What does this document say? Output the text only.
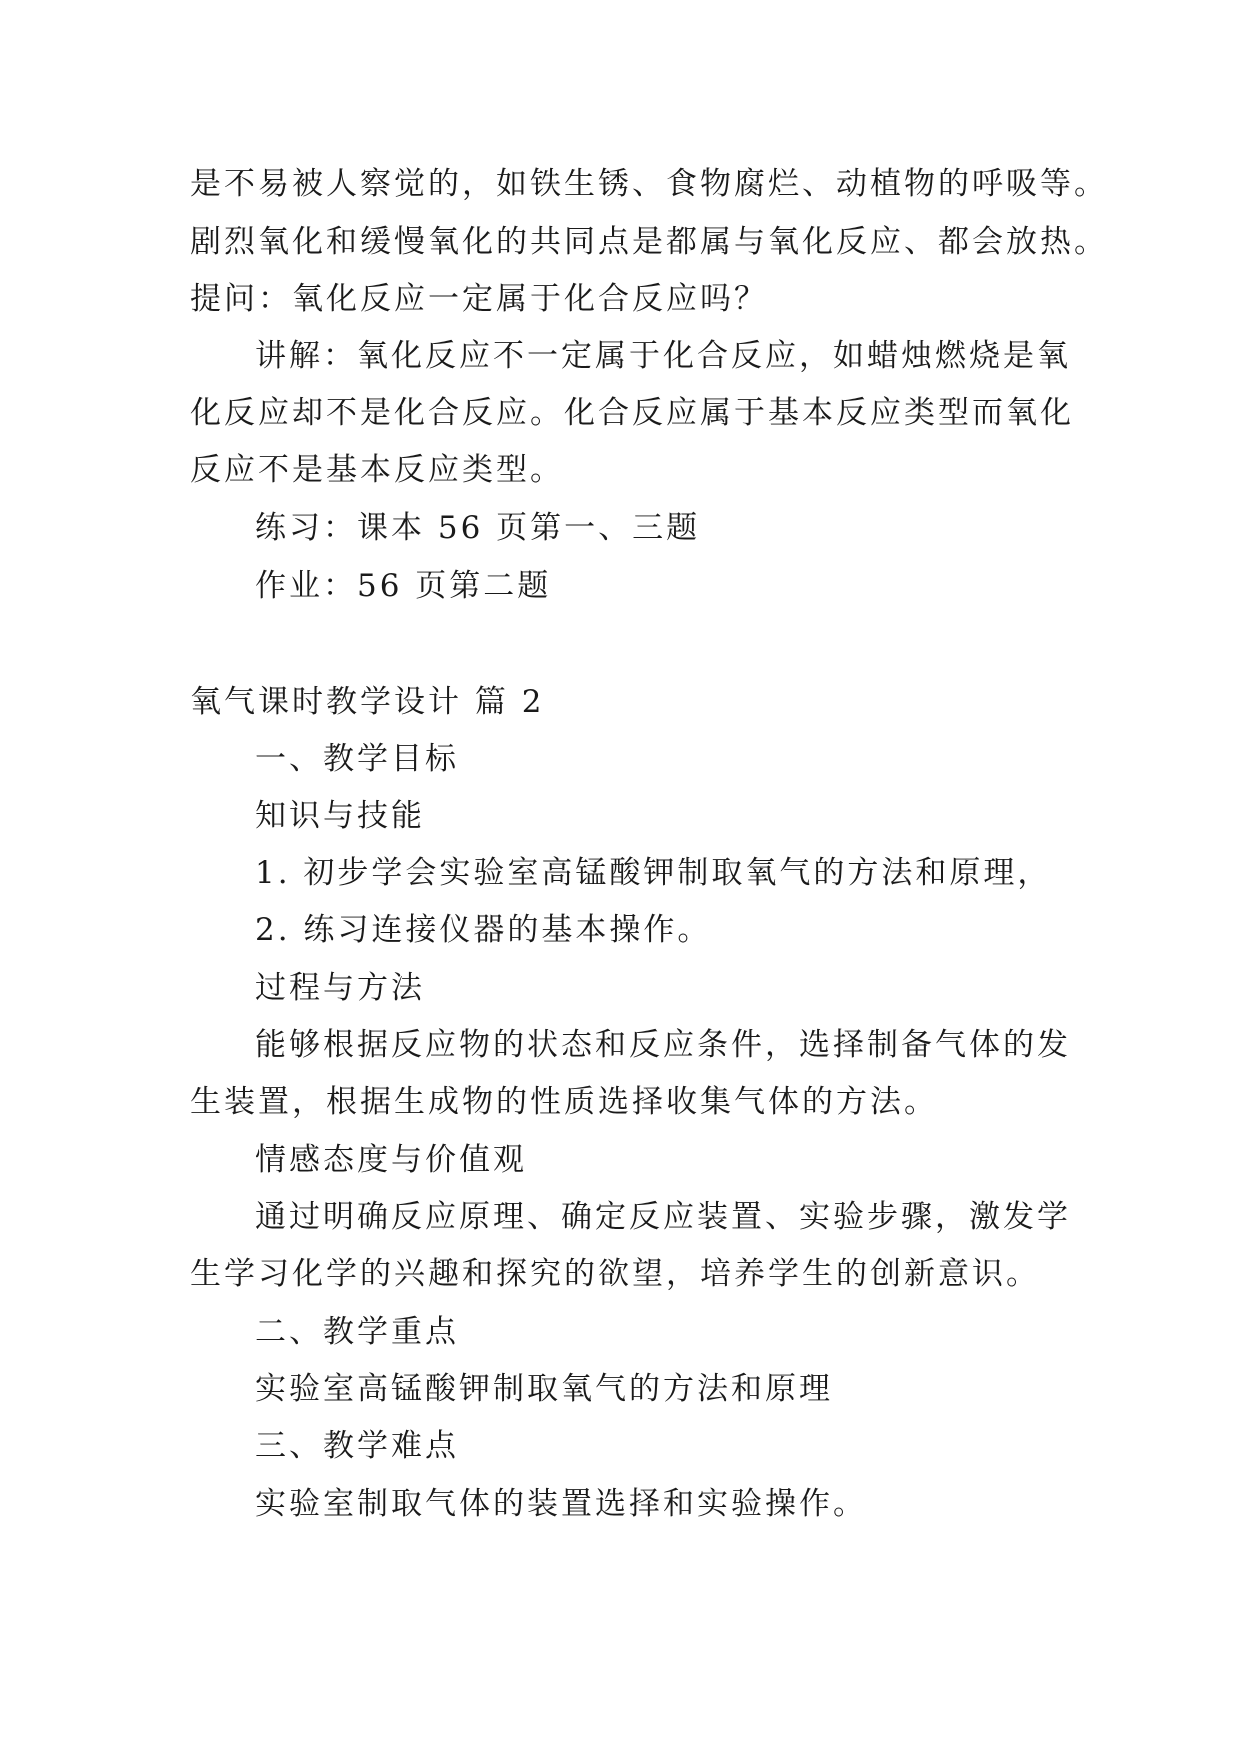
是不易被人察觉的，如铁生锈、食物腐烂、动植物的呼吸等。
剧烈氧化和缓慢氧化的共同点是都属与氧化反应、都会放热。
提问：氧化反应一定属于化合反应吗？
讲解：氧化反应不一定属于化合反应，如蜡烛燃烧是氧
化反应却不是化合反应。化合反应属于基本反应类型而氧化
反应不是基本反应类型。
练习：课本 56 页第一、三题
作业：56 页第二题
氧气课时教学设计 篇 2
一、教学目标
知识与技能
1. 初步学会实验室高锰酸钾制取氧气的方法和原理，
2. 练习连接仪器的基本操作。
过程与方法
能够根据反应物的状态和反应条件，选择制备气体的发
生装置，根据生成物的性质选择收集气体的方法。
情感态度与价值观
通过明确反应原理、确定反应装置、实验步骤，激发学
生学习化学的兴趣和探究的欲望，培养学生的创新意识。
二、教学重点
实验室高锰酸钾制取氧气的方法和原理
三、教学难点
实验室制取气体的装置选择和实验操作。
